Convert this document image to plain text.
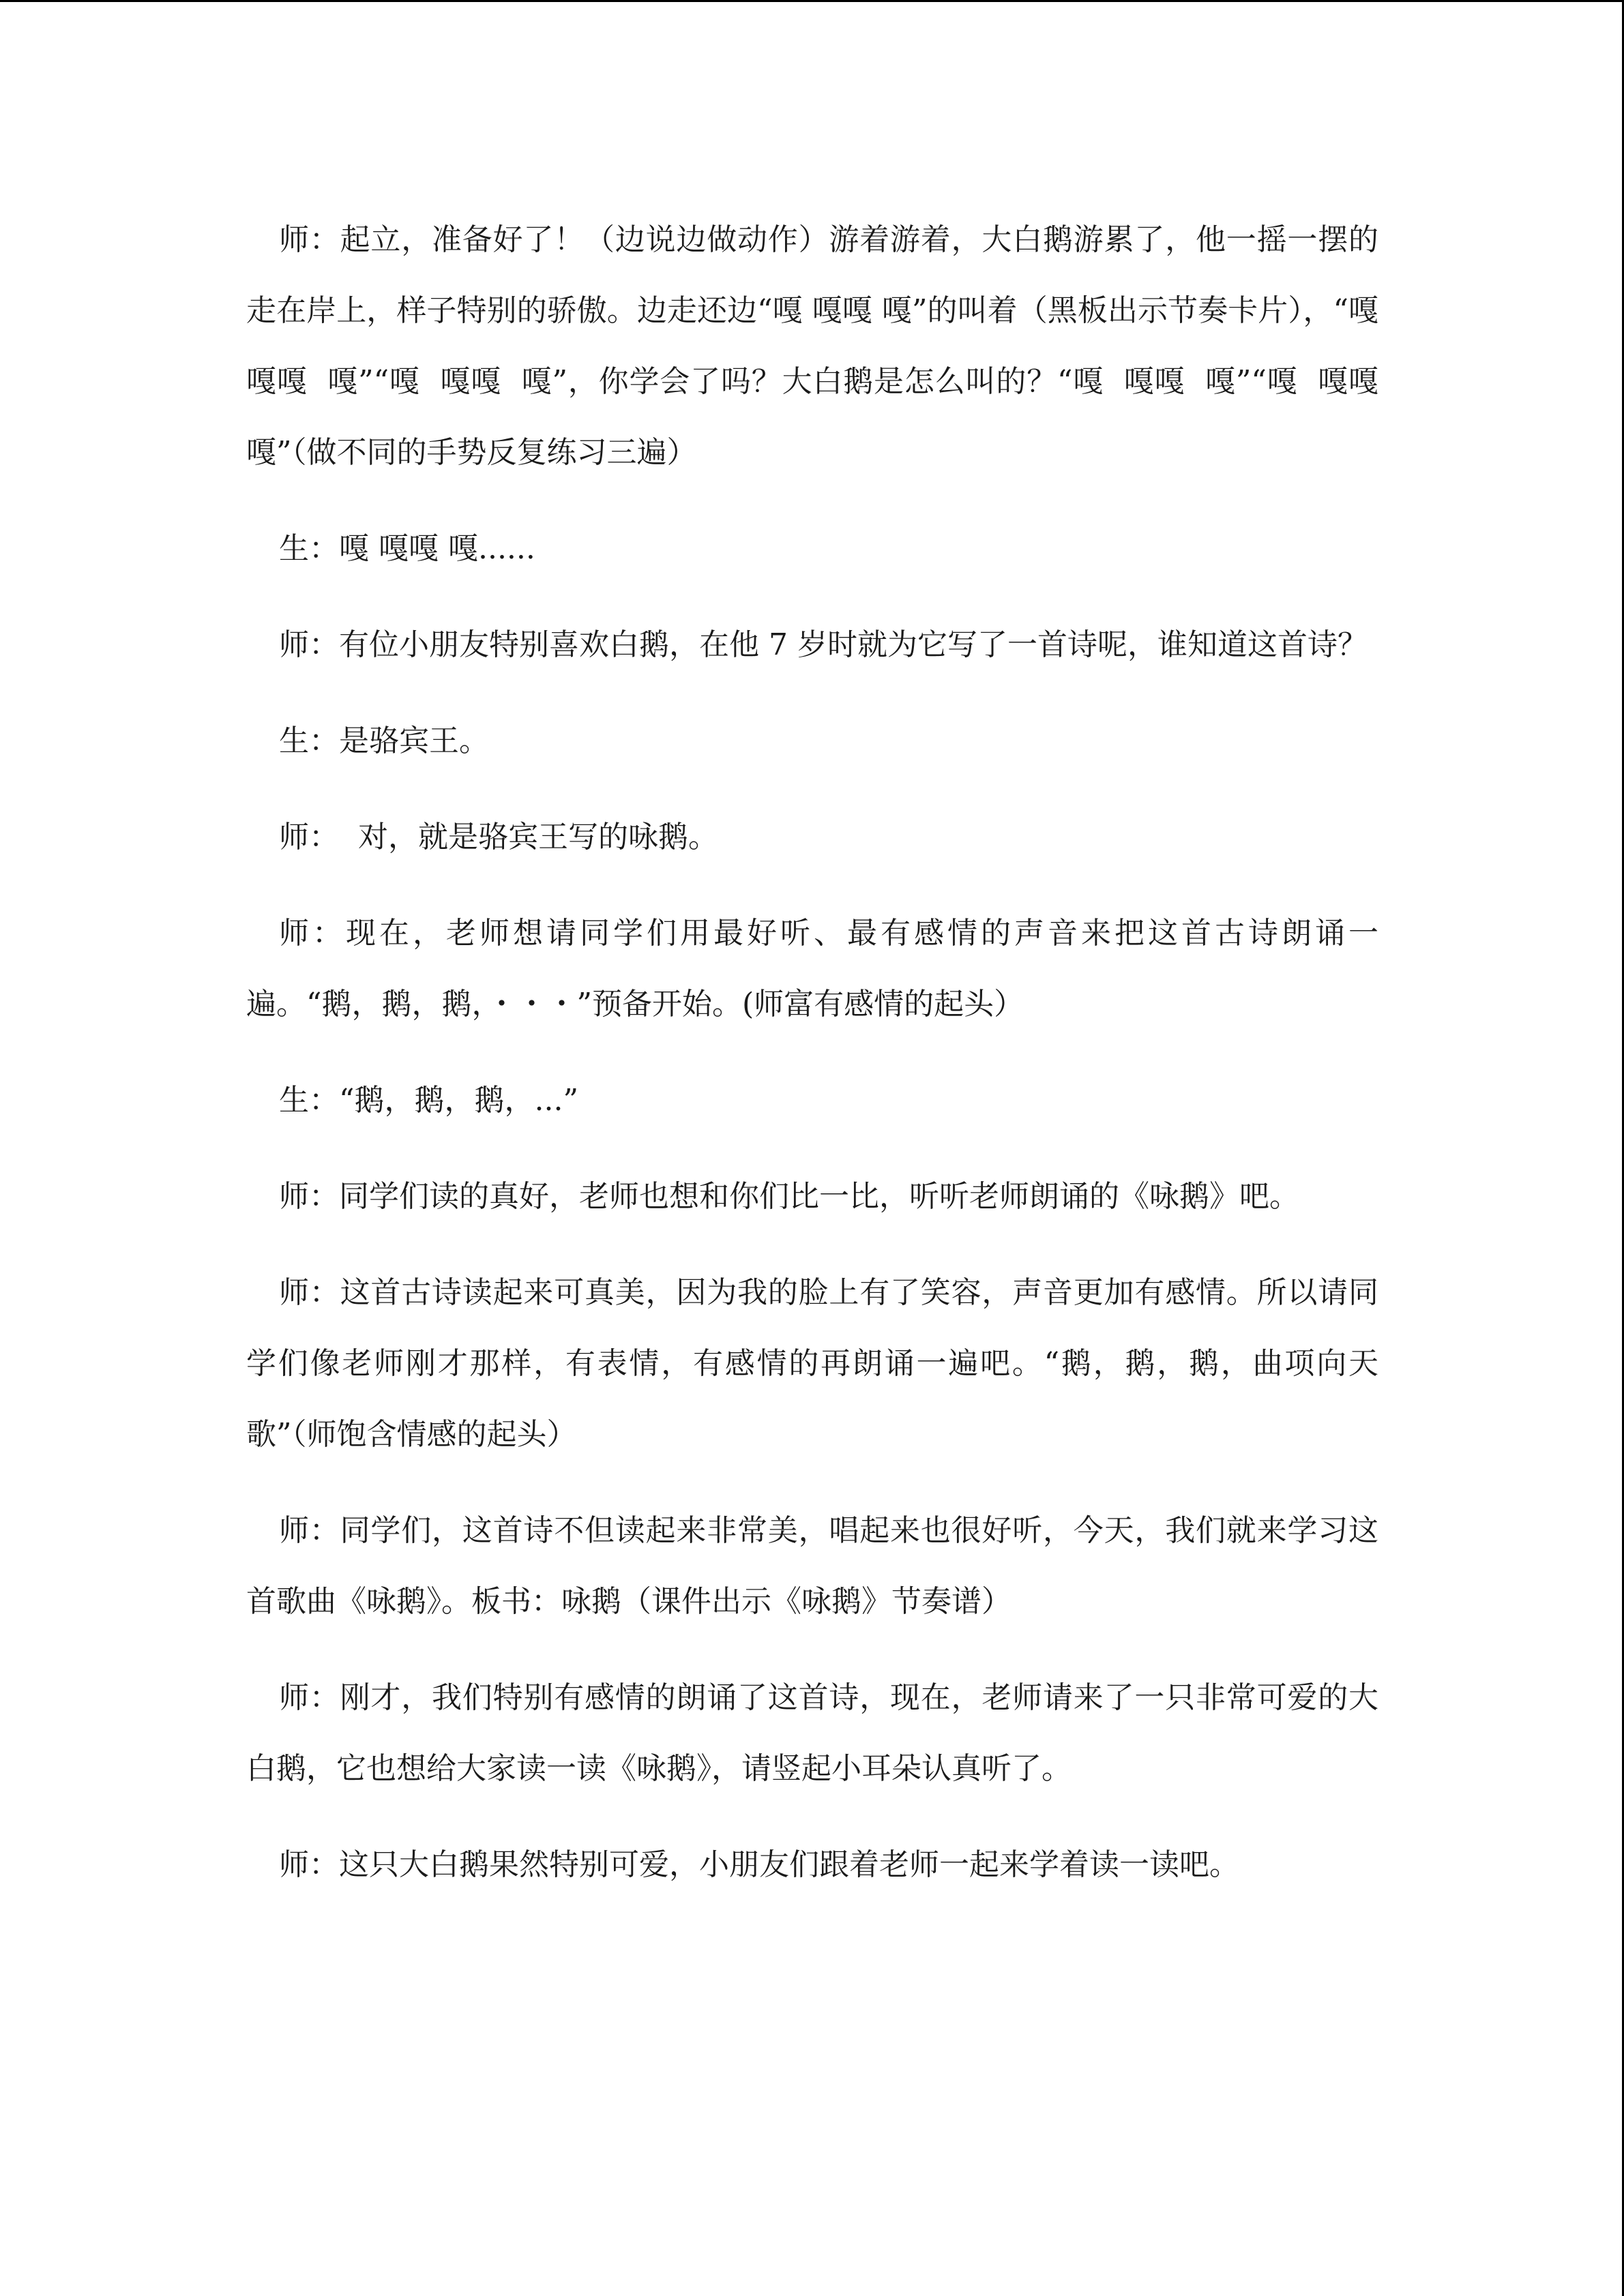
师：起立，准备好了！（边说边做动作）游着游着，大白鹅游累了，他一摇一摆的走在岸上，样子特别的骄傲。边走还边“嘎 嘎嘎 嘎”的叫着（黑板出示节奏卡片），“嘎  嘎嘎  嘎”“嘎  嘎嘎  嘎”，你学会了吗？大白鹅是怎么叫的？“嘎  嘎嘎  嘎”“嘎  嘎嘎  嘎”（做不同的手势反复练习三遍）

生：嘎 嘎嘎 嘎......

师：有位小朋友特别喜欢白鹅，在他 7 岁时就为它写了一首诗呢，谁知道这首诗？

生：是骆宾王。

师：  对，就是骆宾王写的咏鹅。

师：现在，老师想请同学们用最好听、最有感情的声音来把这首古诗朗诵一遍。“鹅，鹅，鹅，・・・”预备开始。(师富有感情的起头）

生：“鹅，鹅，鹅，...”

师：同学们读的真好，老师也想和你们比一比，听听老师朗诵的《咏鹅》吧。

师：这首古诗读起来可真美，因为我的脸上有了笑容，声音更加有感情。所以请同学们像老师刚才那样，有表情，有感情的再朗诵一遍吧。“鹅，鹅，鹅，曲项向天歌”（师饱含情感的起头）

师：同学们，这首诗不但读起来非常美，唱起来也很好听，今天，我们就来学习这首歌曲《咏鹅》。板书：咏鹅（课件出示《咏鹅》节奏谱）

师：刚才，我们特别有感情的朗诵了这首诗，现在，老师请来了一只非常可爱的大白鹅，它也想给大家读一读《咏鹅》，请竖起小耳朵认真听了。

师：这只大白鹅果然特别可爱，小朋友们跟着老师一起来学着读一读吧。
